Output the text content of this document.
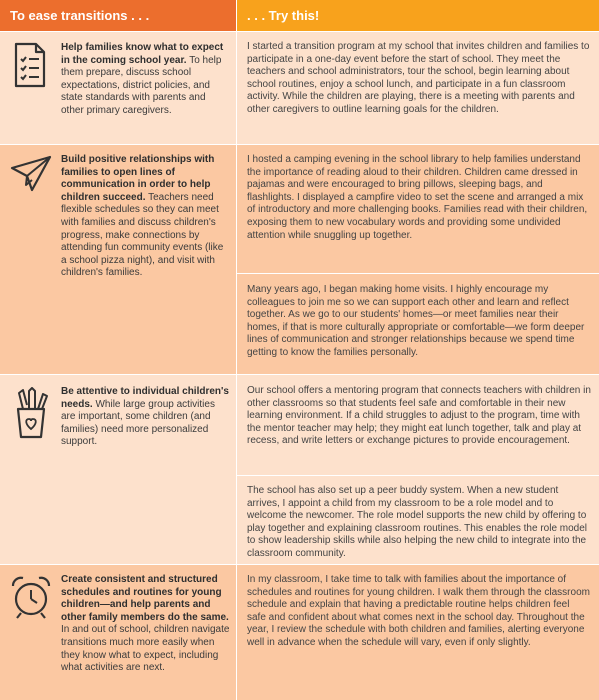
To ease transitions . . .	. . . Try this!
Help families know what to expect in the coming school year. To help them prepare, discuss school expectations, district policies, and state standards with parents and other primary caregivers.
I started a transition program at my school that invites children and families to participate in a one-day event before the start of school. They meet the teachers and school administrators, tour the school, begin learning about school routines, enjoy a school lunch, and participate in a fun classroom activity. While the children are playing, there is a meeting with parents and other caregivers to outline learning goals for the children.
Build positive relationships with families to open lines of communication in order to help children succeed. Teachers need flexible schedules so they can meet with families and discuss children's progress, make connections by attending fun community events (like a school pizza night), and visit with children's families.
I hosted a camping evening in the school library to help families understand the importance of reading aloud to their children. Children came dressed in pajamas and were encouraged to bring pillows, sleeping bags, and flashlights. I displayed a campfire video to set the scene and arranged a mix of introductory and more challenging books. Families read with their children, exposing them to new vocabulary words and providing some undivided attention while snuggling up together.
Many years ago, I began making home visits. I highly encourage my colleagues to join me so we can support each other and learn and reflect together. As we go to our students' homes—or meet families near their homes, if that is more culturally appropriate or comfortable—we form deeper lines of communication and stronger relationships because we spend time getting to know the families personally.
Be attentive to individual children's needs. While large group activities are important, some children (and families) need more personalized support.
Our school offers a mentoring program that connects teachers with children in other classrooms so that students feel safe and comfortable in their new learning environment. If a child struggles to adjust to the program, time with the mentor teacher may help; they might eat lunch together, talk and play at recess, and write letters or exchange pictures to provide encouragement.
The school has also set up a peer buddy system. When a new student arrives, I appoint a child from my classroom to be a role model and to welcome the newcomer. The role model supports the new child by offering to play together and explaining classroom routines. This enables the role model to show leadership skills while also helping the new child to integrate into the classroom community.
Create consistent and structured schedules and routines for young children—and help parents and other family members do the same. In and out of school, children navigate transitions much more easily when they know what to expect, including what activities are next.
In my classroom, I take time to talk with families about the importance of schedules and routines for young children. I walk them through the classroom schedule and explain that having a predictable routine helps children feel safe and confident about what comes next in the school day. Throughout the year, I review the schedule with both children and families, alerting everyone well in advance when the schedule will vary, even if only slightly.
